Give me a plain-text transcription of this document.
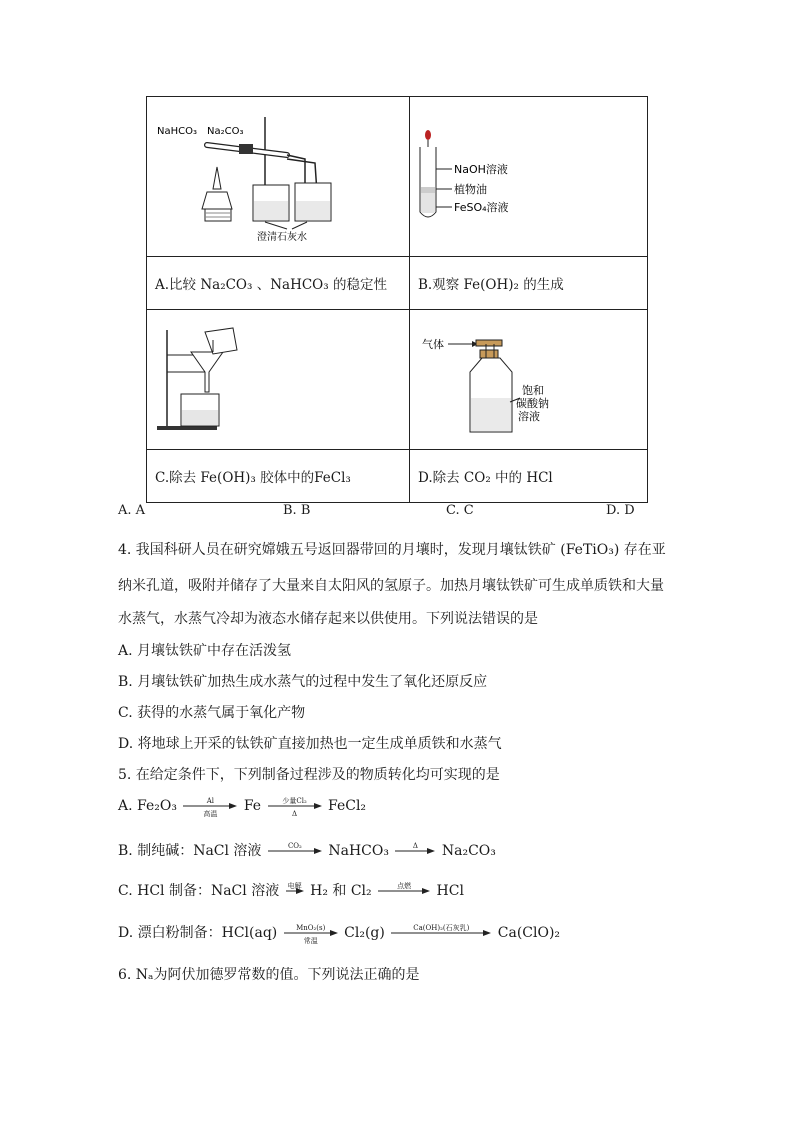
NaHCO₃ Na₂CO₃
澄清石灰水	NaOH溶液
植物油
FeSO₄溶液

A.比较 Na₂CO₃ 、NaHCO₃ 的稳定性	B.观察 Fe(OH)₂ 的生成

气体
饱和
碳酸钠
溶液

C.除去 Fe(OH)₃ 胶体中的FeCl₃	D.除去 CO₂ 中的 HCl
A. A	B. B	C. C	D. D
4. 我国科研人员在研究嫦娥五号返回器带回的月壤时，发现月壤钛铁矿 (FeTiO₃) 存在亚
纳米孔道，吸附并储存了大量来自太阳风的氢原子。加热月壤钛铁矿可生成单质铁和大量
水蒸气，水蒸气冷却为液态水储存起来以供使用。下列说法错误的是
A. 月壤钛铁矿中存在活泼氢
B. 月壤钛铁矿加热生成水蒸气的过程中发生了氧化还原反应
C. 获得的水蒸气属于氧化产物
D. 将地球上开采的钛铁矿直接加热也一定生成单质铁和水蒸气
5. 在给定条件下，下列制备过程涉及的物质转化均可实现的是
A. Fe₂O₃	Al
高温	Fe	少量Cl₂
Δ	FeCl₂
B. 制纯碱：NaCl 溶液	CO₂	NaHCO₃	Δ	Na₂CO₃
C. HCl 制备：NaCl 溶液 电解 H₂ 和 Cl₂	点燃	HCl
D. 漂白粉制备：HCl(aq)	MnO₂(s)
常温	Cl₂(g)	Ca(OH)₂(石灰乳)	Ca(ClO)₂
6. Nₐ为阿伏加德罗常数的值。下列说法正确的是
